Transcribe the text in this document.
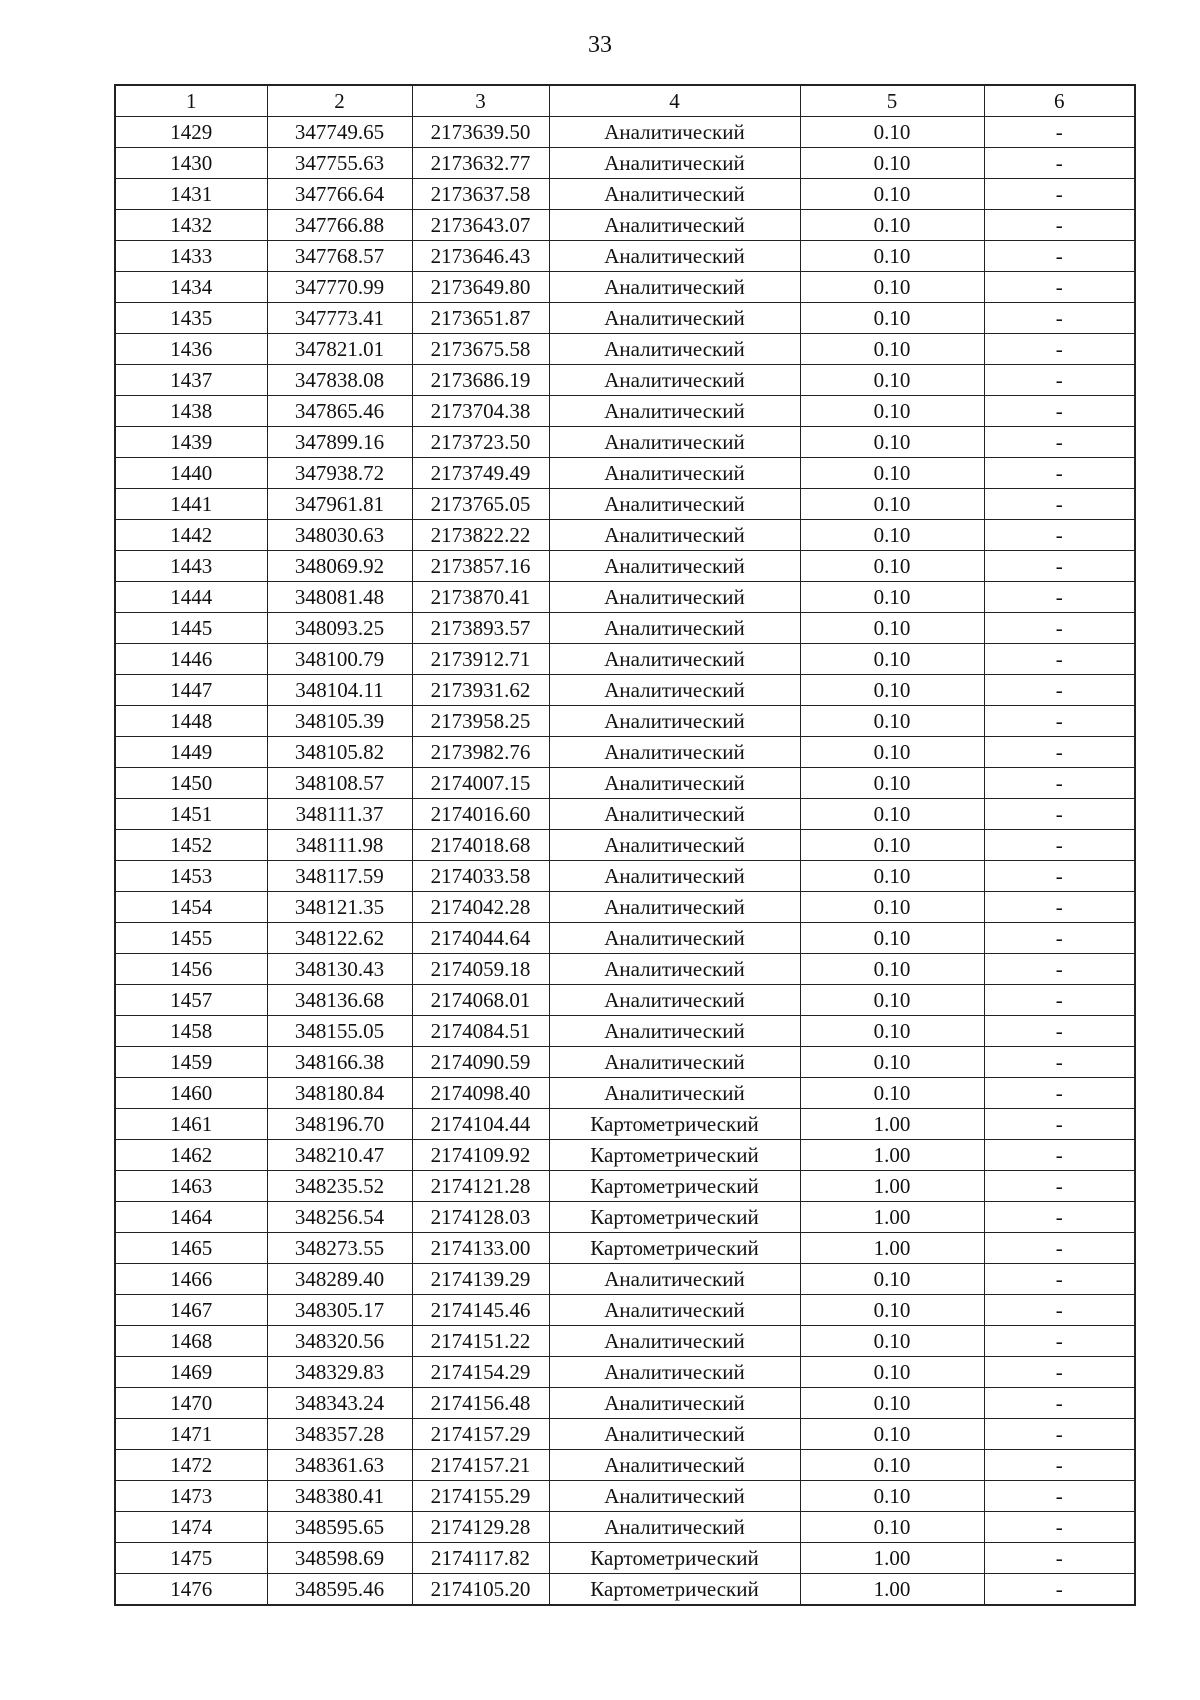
33
1	2	3	4	5	6
1429	347749.65	2173639.50	Аналитический	0.10	-
1430	347755.63	2173632.77	Аналитический	0.10	-
1431	347766.64	2173637.58	Аналитический	0.10	-
1432	347766.88	2173643.07	Аналитический	0.10	-
1433	347768.57	2173646.43	Аналитический	0.10	-
1434	347770.99	2173649.80	Аналитический	0.10	-
1435	347773.41	2173651.87	Аналитический	0.10	-
1436	347821.01	2173675.58	Аналитический	0.10	-
1437	347838.08	2173686.19	Аналитический	0.10	-
1438	347865.46	2173704.38	Аналитический	0.10	-
1439	347899.16	2173723.50	Аналитический	0.10	-
1440	347938.72	2173749.49	Аналитический	0.10	-
1441	347961.81	2173765.05	Аналитический	0.10	-
1442	348030.63	2173822.22	Аналитический	0.10	-
1443	348069.92	2173857.16	Аналитический	0.10	-
1444	348081.48	2173870.41	Аналитический	0.10	-
1445	348093.25	2173893.57	Аналитический	0.10	-
1446	348100.79	2173912.71	Аналитический	0.10	-
1447	348104.11	2173931.62	Аналитический	0.10	-
1448	348105.39	2173958.25	Аналитический	0.10	-
1449	348105.82	2173982.76	Аналитический	0.10	-
1450	348108.57	2174007.15	Аналитический	0.10	-
1451	348111.37	2174016.60	Аналитический	0.10	-
1452	348111.98	2174018.68	Аналитический	0.10	-
1453	348117.59	2174033.58	Аналитический	0.10	-
1454	348121.35	2174042.28	Аналитический	0.10	-
1455	348122.62	2174044.64	Аналитический	0.10	-
1456	348130.43	2174059.18	Аналитический	0.10	-
1457	348136.68	2174068.01	Аналитический	0.10	-
1458	348155.05	2174084.51	Аналитический	0.10	-
1459	348166.38	2174090.59	Аналитический	0.10	-
1460	348180.84	2174098.40	Аналитический	0.10	-
1461	348196.70	2174104.44	Картометрический	1.00	-
1462	348210.47	2174109.92	Картометрический	1.00	-
1463	348235.52	2174121.28	Картометрический	1.00	-
1464	348256.54	2174128.03	Картометрический	1.00	-
1465	348273.55	2174133.00	Картометрический	1.00	-
1466	348289.40	2174139.29	Аналитический	0.10	-
1467	348305.17	2174145.46	Аналитический	0.10	-
1468	348320.56	2174151.22	Аналитический	0.10	-
1469	348329.83	2174154.29	Аналитический	0.10	-
1470	348343.24	2174156.48	Аналитический	0.10	-
1471	348357.28	2174157.29	Аналитический	0.10	-
1472	348361.63	2174157.21	Аналитический	0.10	-
1473	348380.41	2174155.29	Аналитический	0.10	-
1474	348595.65	2174129.28	Аналитический	0.10	-
1475	348598.69	2174117.82	Картометрический	1.00	-
1476	348595.46	2174105.20	Картометрический	1.00	-
